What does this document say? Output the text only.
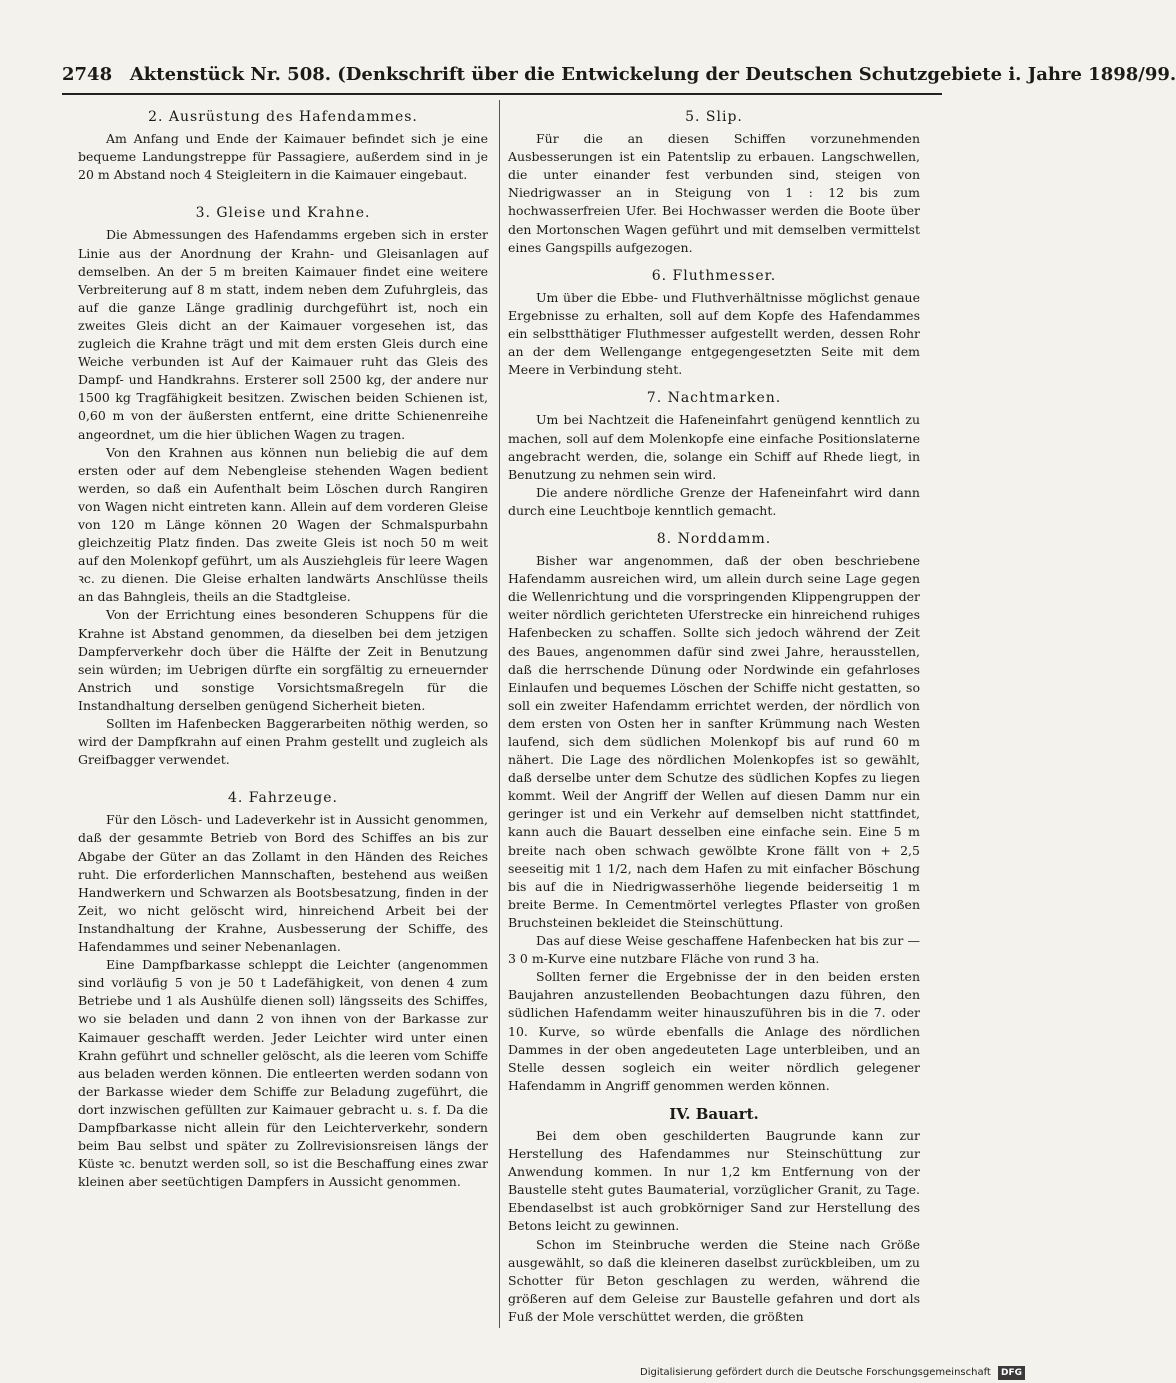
2748 Aktenstück Nr. 508. (Denkschrift über die Entwickelung der Deutschen Schutzgebiete i. Jahre 1898/99.
2. Ausrüstung des Hafendammes.

Am Anfang und Ende der Kaimauer befindet sich je eine bequeme Landungstreppe für Passagiere, außerdem sind in je 20 m Abstand noch 4 Steigleitern in die Kaimauer eingebaut.

3. Gleise und Krahne.

Die Abmessungen des Hafendamms ergeben sich in erster Linie aus der Anordnung der Krahn- und Gleisanlagen auf demselben. An der 5 m breiten Kaimauer findet eine weitere Verbreiterung auf 8 m statt, indem neben dem Zufuhrgleis, das auf die ganze Länge gradlinig durchgeführt ist, noch ein zweites Gleis dicht an der Kaimauer vorgesehen ist, das zugleich die Krahne trägt und mit dem ersten Gleis durch eine Weiche verbunden ist Auf der Kaimauer ruht das Gleis des Dampf- und Handkrahns. Ersterer soll 2500 kg, der andere nur 1500 kg Tragfähigkeit besitzen. Zwischen beiden Schienen ist, 0,60 m von der äußersten entfernt, eine dritte Schienenreihe angeordnet, um die hier üblichen Wagen zu tragen.

Von den Krahnen aus können nun beliebig die auf dem ersten oder auf dem Nebengleise stehenden Wagen bedient werden, so daß ein Aufenthalt beim Löschen durch Rangiren von Wagen nicht eintreten kann. Allein auf dem vorderen Gleise von 120 m Länge können 20 Wagen der Schmalspurbahn gleichzeitig Platz finden. Das zweite Gleis ist noch 50 m weit auf den Molenkopf geführt, um als Ausziehgleis für leere Wagen ꝛc. zu dienen. Die Gleise erhalten landwärts Anschlüsse theils an das Bahngleis, theils an die Stadtgleise.

Von der Errichtung eines besonderen Schuppens für die Krahne ist Abstand genommen, da dieselben bei dem jetzigen Dampferverkehr doch über die Hälfte der Zeit in Benutzung sein würden; im Uebrigen dürfte ein sorgfältig zu erneuernder Anstrich und sonstige Vorsichtsmaßregeln für die Instandhaltung derselben genügend Sicherheit bieten.

Sollten im Hafenbecken Baggerarbeiten nöthig werden, so wird der Dampfkrahn auf einen Prahm gestellt und zugleich als Greifbagger verwendet.

4. Fahrzeuge.

Für den Lösch- und Ladeverkehr ist in Aussicht genommen, daß der gesammte Betrieb von Bord des Schiffes an bis zur Abgabe der Güter an das Zollamt in den Händen des Reiches ruht. Die erforderlichen Mannschaften, bestehend aus weißen Handwerkern und Schwarzen als Bootsbesatzung, finden in der Zeit, wo nicht gelöscht wird, hinreichend Arbeit bei der Instandhaltung der Krahne, Ausbesserung der Schiffe, des Hafendammes und seiner Nebenanlagen.

Eine Dampfbarkasse schleppt die Leichter (angenommen sind vorläufig 5 von je 50 t Ladefähigkeit, von denen 4 zum Betriebe und 1 als Aushülfe dienen soll) längsseits des Schiffes, wo sie beladen und dann 2 von ihnen von der Barkasse zur Kaimauer geschafft werden. Jeder Leichter wird unter einen Krahn geführt und schneller gelöscht, als die leeren vom Schiffe aus beladen werden können. Die entleerten werden sodann von der Barkasse wieder dem Schiffe zur Beladung zugeführt, die dort inzwischen gefüllten zur Kaimauer gebracht u. s. f. Da die Dampfbarkasse nicht allein für den Leichterverkehr, sondern beim Bau selbst und später zu Zollrevisionsreisen längs der Küste ꝛc. benutzt werden soll, so ist die Beschaffung eines zwar kleinen aber seetüchtigen Dampfers in Aussicht genommen.

5. Slip.

Für die an diesen Schiffen vorzunehmenden Ausbesserungen ist ein Patentslip zu erbauen. Langschwellen, die unter einander fest verbunden sind, steigen von Niedrigwasser an in Steigung von 1 : 12 bis zum hochwasserfreien Ufer. Bei Hochwasser werden die Boote über den Mortonschen Wagen geführt und mit demselben vermittelst eines Gangspills aufgezogen.

6. Fluthmesser.

Um über die Ebbe- und Fluthverhältnisse möglichst genaue Ergebnisse zu erhalten, soll auf dem Kopfe des Hafendammes ein selbstthätiger Fluthmesser aufgestellt werden, dessen Rohr an der dem Wellengange entgegengesetzten Seite mit dem Meere in Verbindung steht.

7. Nachtmarken.

Um bei Nachtzeit die Hafeneinfahrt genügend kenntlich zu machen, soll auf dem Molenkopfe eine einfache Positionslaterne angebracht werden, die, solange ein Schiff auf Rhede liegt, in Benutzung zu nehmen sein wird.

Die andere nördliche Grenze der Hafeneinfahrt wird dann durch eine Leuchtboje kenntlich gemacht.

8. Norddamm.

Bisher war angenommen, daß der oben beschriebene Hafendamm ausreichen wird, um allein durch seine Lage gegen die Wellenrichtung und die vorspringenden Klippengruppen der weiter nördlich gerichteten Uferstrecke ein hinreichend ruhiges Hafenbecken zu schaffen. Sollte sich jedoch während der Zeit des Baues, angenommen dafür sind zwei Jahre, herausstellen, daß die herrschende Dünung oder Nordwinde ein gefahrloses Einlaufen und bequemes Löschen der Schiffe nicht gestatten, so soll ein zweiter Hafendamm errichtet werden, der nördlich von dem ersten von Osten her in sanfter Krümmung nach Westen laufend, sich dem südlichen Molenkopf bis auf rund 60 m nähert. Die Lage des nördlichen Molenkopfes ist so gewählt, daß derselbe unter dem Schutze des südlichen Kopfes zu liegen kommt. Weil der Angriff der Wellen auf diesen Damm nur ein geringer ist und ein Verkehr auf demselben nicht stattfindet, kann auch die Bauart desselben eine einfache sein. Eine 5 m breite nach oben schwach gewölbte Krone fällt von + 2,5 seeseitig mit 1 1/2, nach dem Hafen zu mit einfacher Böschung bis auf die in Niedrigwasserhöhe liegende beiderseitig 1 m breite Berme. In Cementmörtel verlegtes Pflaster von großen Bruchsteinen bekleidet die Steinschüttung.

Das auf diese Weise geschaffene Hafenbecken hat bis zur — 3 0 m-Kurve eine nutzbare Fläche von rund 3 ha.

Sollten ferner die Ergebnisse der in den beiden ersten Baujahren anzustellenden Beobachtungen dazu führen, den südlichen Hafendamm weiter hinauszuführen bis in die 7. oder 10. Kurve, so würde ebenfalls die Anlage des nördlichen Dammes in der oben angedeuteten Lage unterbleiben, und an Stelle dessen sogleich ein weiter nördlich gelegener Hafendamm in Angriff genommen werden können.

IV. Bauart.

Bei dem oben geschilderten Baugrunde kann zur Herstellung des Hafendammes nur Steinschüttung zur Anwendung kommen. In nur 1,2 km Entfernung von der Baustelle steht gutes Baumaterial, vorzüglicher Granit, zu Tage. Ebendaselbst ist auch grobkörniger Sand zur Herstellung des Betons leicht zu gewinnen.

Schon im Steinbruche werden die Steine nach Größe ausgewählt, so daß die kleineren daselbst zurückbleiben, um zu Schotter für Beton geschlagen zu werden, während die größeren auf dem Geleise zur Baustelle gefahren und dort als Fuß der Mole verschüttet werden, die größten

Digitalisierung gefördert durch die Deutsche Forschungsgemeinschaft DFG
